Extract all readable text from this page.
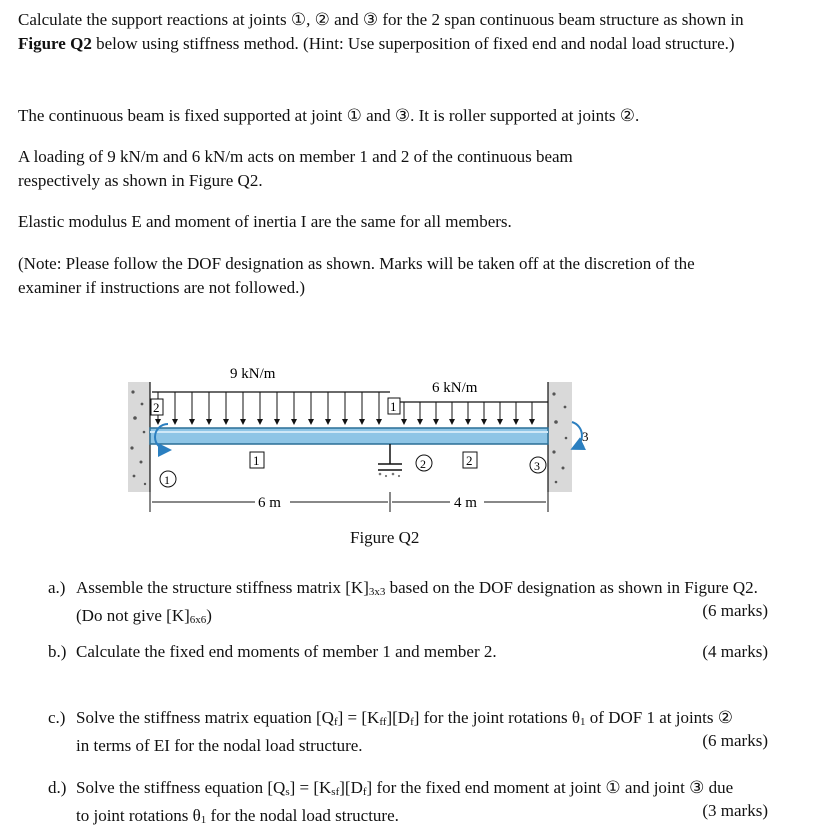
Calculate the support reactions at joints ①, ② and ③ for the 2 span continuous beam structure as shown in Figure Q2 below using stiffness method. (Hint: Use superposition of fixed end and nodal load structure.)

The continuous beam is fixed supported at joint ① and ③. It is roller supported at joints ②.

A loading of 9 kN/m and 6 kN/m acts on member 1 and 2 of the continuous beam respectively as shown in Figure Q2.

Elastic modulus E and moment of inertia I are the same for all members.

(Note: Please follow the DOF designation as shown. Marks will be taken off at the discretion of the examiner if instructions are not followed.)

9 kN/m
6 kN/m
2	1
3
1	2
1
2	3
6 m	4 m
Figure Q2
a.) Assemble the structure stiffness matrix $[K]_{3x3}$ based on the DOF designation as shown in Figure Q2. (Do not give $[K]_{6x6}$)	(6 marks)
b.) Calculate the fixed end moments of member 1 and member 2.	(4 marks)
c.) Solve the stiffness matrix equation $[Q_f] = [K_{ff}][D_f]$ for the joint rotations $\theta_1$ of DOF 1 at joints ② in terms of EI for the nodal load structure.	(6 marks)
d.) Solve the stiffness equation $[Q_s] = [K_{sf}][D_f]$ for the fixed end moment at joint ① and joint ③ due to joint rotations $\theta_1$ for the nodal load structure.	(3 marks)
